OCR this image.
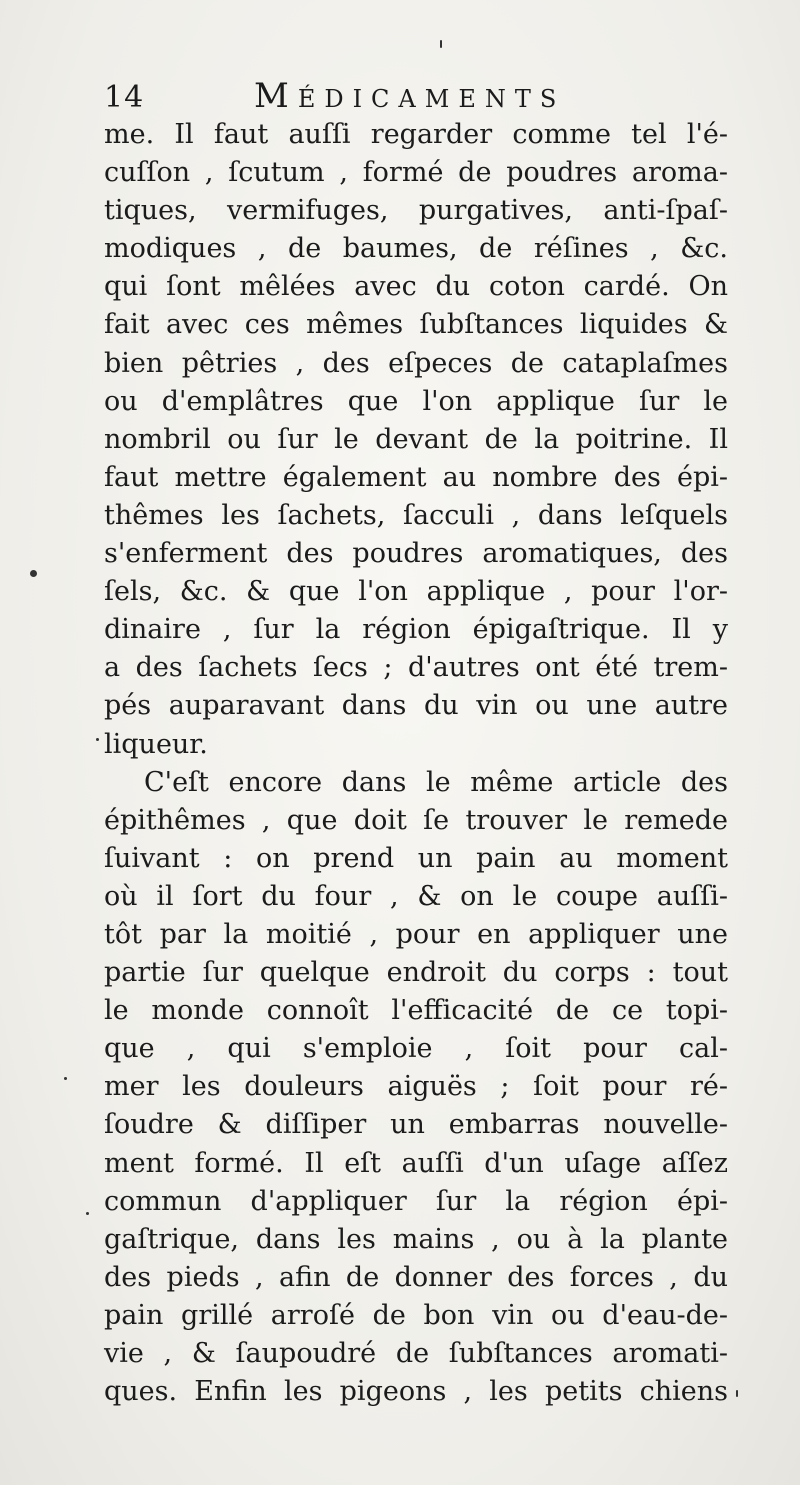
14	Médicaments
me. Il faut auſſi regarder comme tel l'é-
cuſſon , ſcutum , formé de poudres aroma-
tiques, vermifuges, purgatives, anti-ſpaſ-
modiques , de baumes, de réſines , &c.
qui ſont mêlées avec du coton cardé. On
fait avec ces mêmes ſubſtances liquides &
bien pêtries , des eſpeces de cataplaſmes
ou d'emplâtres que l'on applique ſur le
nombril ou ſur le devant de la poitrine. Il
faut mettre également au nombre des épi-
thêmes les ſachets, ſacculi , dans leſquels
s'enferment des poudres aromatiques, des
ſels, &c. & que l'on applique , pour l'or-
dinaire , ſur la région épigaſtrique. Il y
a des ſachets ſecs ; d'autres ont été trem-
pés auparavant dans du vin ou une autre
liqueur.
C'eſt encore dans le même article des
épithêmes , que doit ſe trouver le remede
ſuivant : on prend un pain au moment
où il ſort du four , & on le coupe auſſi-
tôt par la moitié , pour en appliquer une
partie ſur quelque endroit du corps : tout
le monde connoît l'efficacité de ce topi-
que , qui s'emploie , ſoit pour cal-
mer les douleurs aiguës ; ſoit pour ré-
ſoudre & diſſiper un embarras nouvelle-
ment formé. Il eſt auſſi d'un uſage aſſez
commun d'appliquer ſur la région épi-
gaſtrique, dans les mains , ou à la plante
des pieds , afin de donner des forces , du
pain grillé arroſé de bon vin ou d'eau-de-
vie , & ſaupoudré de ſubſtances aromati-
ques. Enfin les pigeons , les petits chiens
